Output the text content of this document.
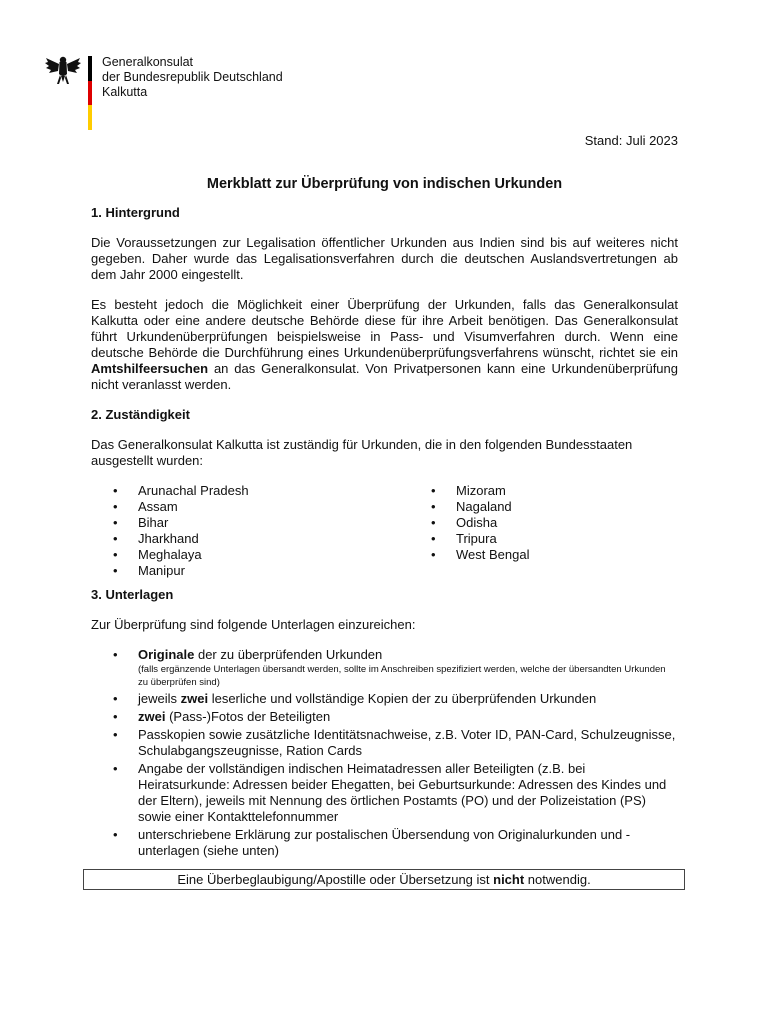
Generalkonsulat
der Bundesrepublik Deutschland
Kalkutta
Stand: Juli 2023
Merkblatt zur Überprüfung von indischen Urkunden
1. Hintergrund

Die Voraussetzungen zur Legalisation öffentlicher Urkunden aus Indien sind bis auf weiteres nicht gegeben. Daher wurde das Legalisationsverfahren durch die deutschen Auslandsvertretungen ab dem Jahr 2000 eingestellt.

Es besteht jedoch die Möglichkeit einer Überprüfung der Urkunden, falls das Generalkonsulat Kalkutta oder eine andere deutsche Behörde diese für ihre Arbeit benötigen. Das Generalkonsulat führt Urkundenüberprüfungen beispielsweise in Pass- und Visumverfahren durch. Wenn eine deutsche Behörde die Durchführung eines Urkundenüberprüfungsverfahrens wünscht, richtet sie ein Amtshilfeersuchen an das Generalkonsulat. Von Privatpersonen kann eine Urkundenüberprüfung nicht veranlasst werden.

2. Zuständigkeit

Das Generalkonsulat Kalkutta ist zuständig für Urkunden, die in den folgenden Bundesstaaten ausgestellt wurden:

• Arunachal Pradesh
• Assam
• Bihar
• Jharkhand
• Meghalaya
• Manipur
• Mizoram
• Nagaland
• Odisha
• Tripura
• West Bengal
3. Unterlagen

Zur Überprüfung sind folgende Unterlagen einzureichen:

• Originale der zu überprüfenden Urkunden
(falls ergänzende Unterlagen übersandt werden, sollte im Anschreiben spezifiziert werden, welche der übersandten Urkunden zu überprüfen sind)
• jeweils zwei leserliche und vollständige Kopien der zu überprüfenden Urkunden
• zwei (Pass-)Fotos der Beteiligten
• Passkopien sowie zusätzliche Identitätsnachweise, z.B. Voter ID, PAN-Card, Schulzeugnisse, Schulabgangszeugnisse, Ration Cards
• Angabe der vollständigen indischen Heimatadressen aller Beteiligten (z.B. bei Heiratsurkunde: Adressen beider Ehegatten, bei Geburtsurkunde: Adressen des Kindes und der Eltern), jeweils mit Nennung des örtlichen Postamts (PO) und der Polizeistation (PS) sowie einer Kontakttelefonnummer
• unterschriebene Erklärung zur postalischen Übersendung von Originalurkunden und -unterlagen (siehe unten)
Eine Überbeglaubigung/Apostille oder Übersetzung ist nicht notwendig.
